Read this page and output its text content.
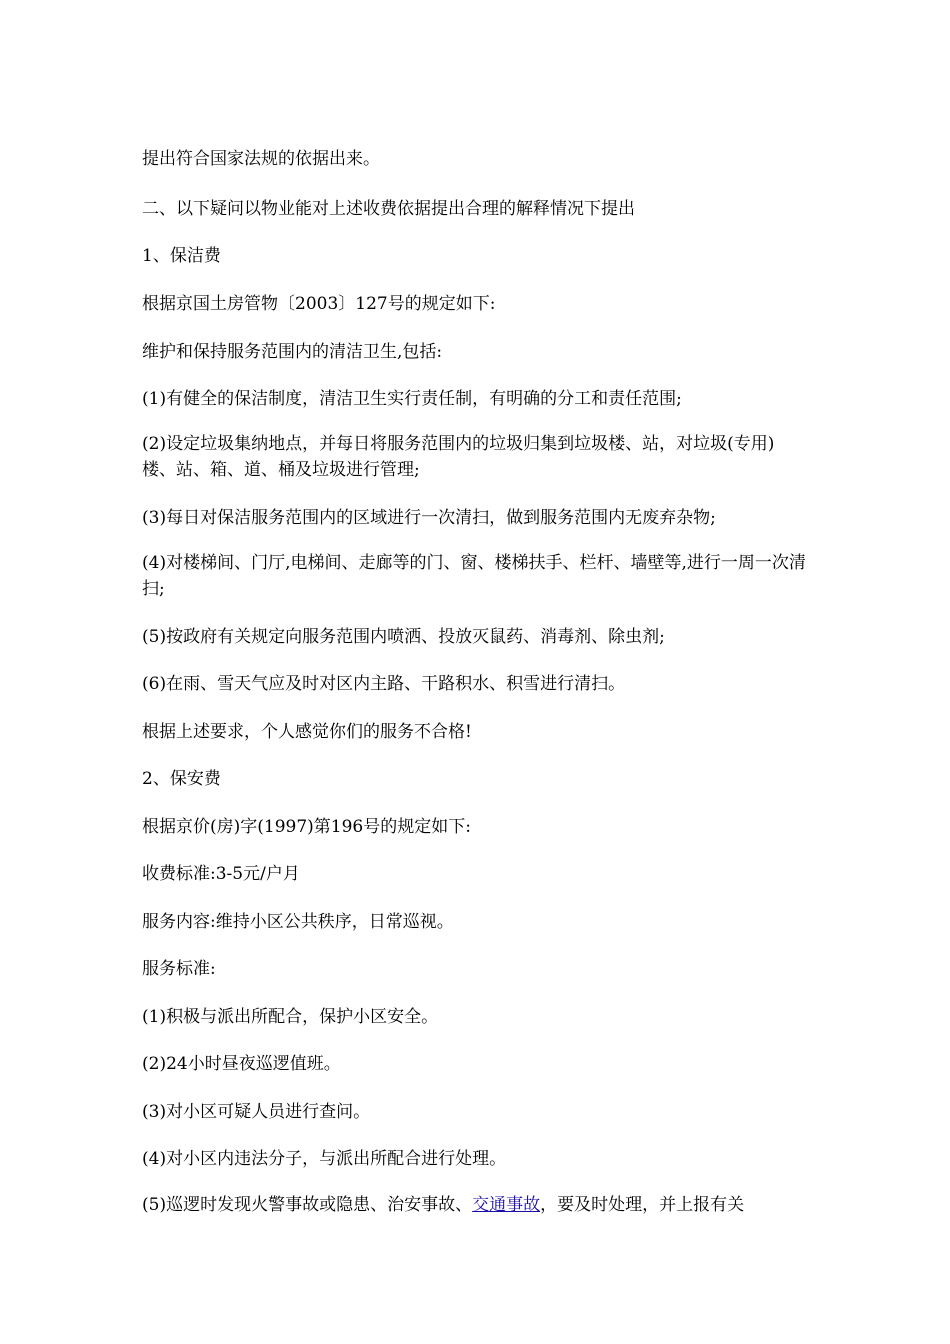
提出符合国家法规的依据出来。

二、以下疑问以物业能对上述收费依据提出合理的解释情况下提出

1、保洁费

根据京国土房管物〔2003〕127号的规定如下:

维护和保持服务范围内的清洁卫生,包括:

(1)有健全的保洁制度，清洁卫生实行责任制，有明确的分工和责任范围;

(2)设定垃圾集纳地点，并每日将服务范围内的垃圾归集到垃圾楼、站，对垃圾(专用)楼、站、箱、道、桶及垃圾进行管理;

(3)每日对保洁服务范围内的区域进行一次清扫，做到服务范围内无废弃杂物;

(4)对楼梯间、门厅,电梯间、走廊等的门、窗、楼梯扶手、栏杆、墙壁等,进行一周一次清扫;

(5)按政府有关规定向服务范围内喷洒、投放灭鼠药、消毒剂、除虫剂;

(6)在雨、雪天气应及时对区内主路、干路积水、积雪进行清扫。

根据上述要求，个人感觉你们的服务不合格!

2、保安费

根据京价(房)字(1997)第196号的规定如下:

收费标准:3-5元/户月

服务内容:维持小区公共秩序，日常巡视。

服务标准:

(1)积极与派出所配合，保护小区安全。

(2)24小时昼夜巡逻值班。

(3)对小区可疑人员进行查问。

(4)对小区内违法分子，与派出所配合进行处理。

(5)巡逻时发现火警事故或隐患、治安事故、交通事故，要及时处理，并上报有关
